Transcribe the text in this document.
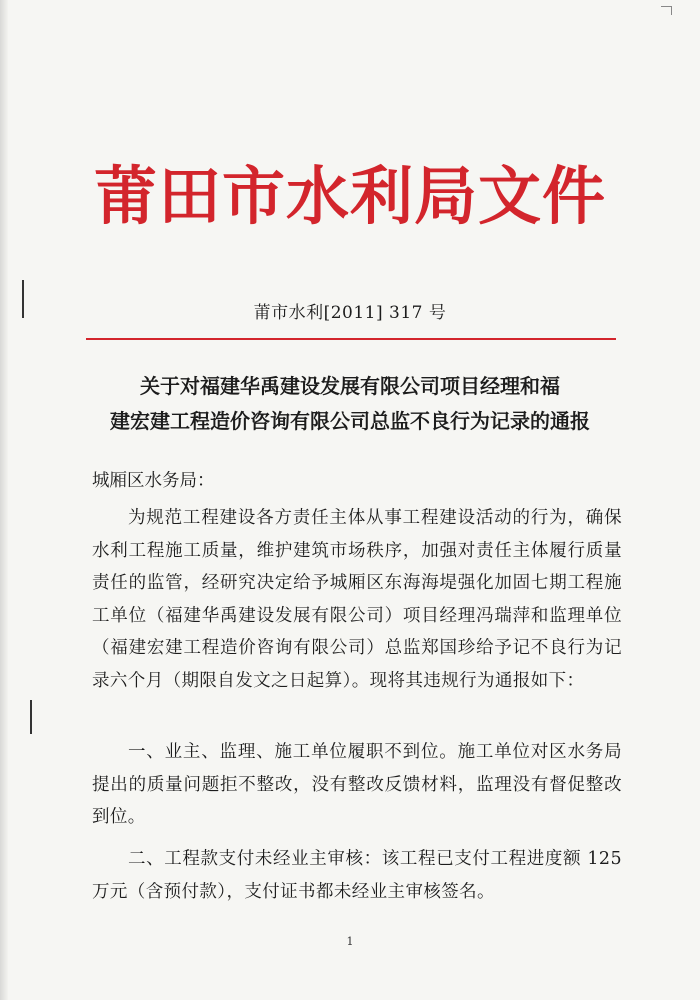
莆田市水利局文件
莆市水利[2011] 317 号
关于对福建华禹建设发展有限公司项目经理和福
建宏建工程造价咨询有限公司总监不良行为记录的通报
城厢区水务局：

为规范工程建设各方责任主体从事工程建设活动的行为，确保水利工程施工质量，维护建筑市场秩序，加强对责任主体履行质量责任的监管，经研究决定给予城厢区东海海堤强化加固七期工程施工单位（福建华禹建设发展有限公司）项目经理冯瑞萍和监理单位（福建宏建工程造价咨询有限公司）总监郑国珍给予记不良行为记录六个月（期限自发文之日起算）。现将其违规行为通报如下：

一、业主、监理、施工单位履职不到位。施工单位对区水务局提出的质量问题拒不整改，没有整改反馈材料，监理没有督促整改到位。

二、工程款支付未经业主审核：该工程已支付工程进度额 125 万元（含预付款），支付证书都未经业主审核签名。

1
